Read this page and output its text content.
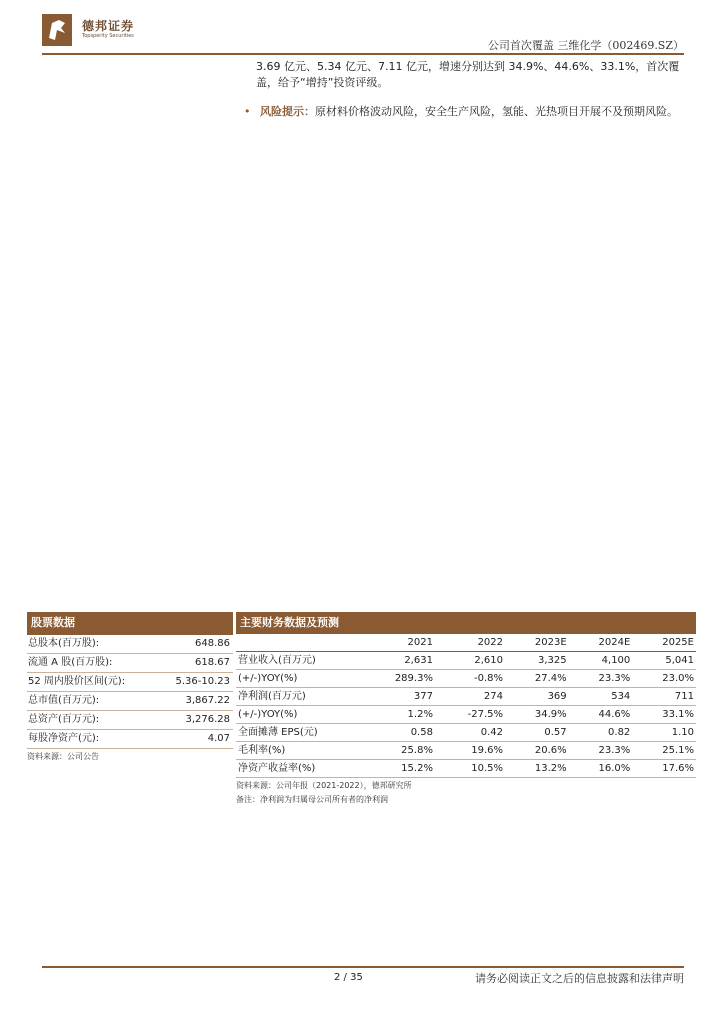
德邦证券
Topsperity Securities
公司首次覆盖 三维化学（002469.SZ）
3.69 亿元、5.34 亿元、7.11 亿元，增速分别达到 34.9%、44.6%、33.1%，首次覆盖，给予“增持”投资评级。
• 风险提示：原材料价格波动风险，安全生产风险，氢能、光热项目开展不及预期风险。
股票数据
总股本(百万股):	648.86
流通 A 股(百万股):	618.67
52 周内股价区间(元):	5.36-10.23
总市值(百万元):	3,867.22
总资产(百万元):	3,276.28
每股净资产(元):	4.07
资料来源：公司公告
主要财务数据及预测
	2021	2022	2023E	2024E	2025E
营业收入(百万元)	2,631	2,610	3,325	4,100	5,041
(+/-)YOY(%)	289.3%	-0.8%	27.4%	23.3%	23.0%
净利润(百万元)	377	274	369	534	711
(+/-)YOY(%)	1.2%	-27.5%	34.9%	44.6%	33.1%
全面摊薄 EPS(元)	0.58	0.42	0.57	0.82	1.10
毛利率(%)	25.8%	19.6%	20.6%	23.3%	25.1%
净资产收益率(%)	15.2%	10.5%	13.2%	16.0%	17.6%
资料来源：公司年报（2021-2022），德邦研究所
备注：净利润为归属母公司所有者的净利润
2 / 35	请务必阅读正文之后的信息披露和法律声明
